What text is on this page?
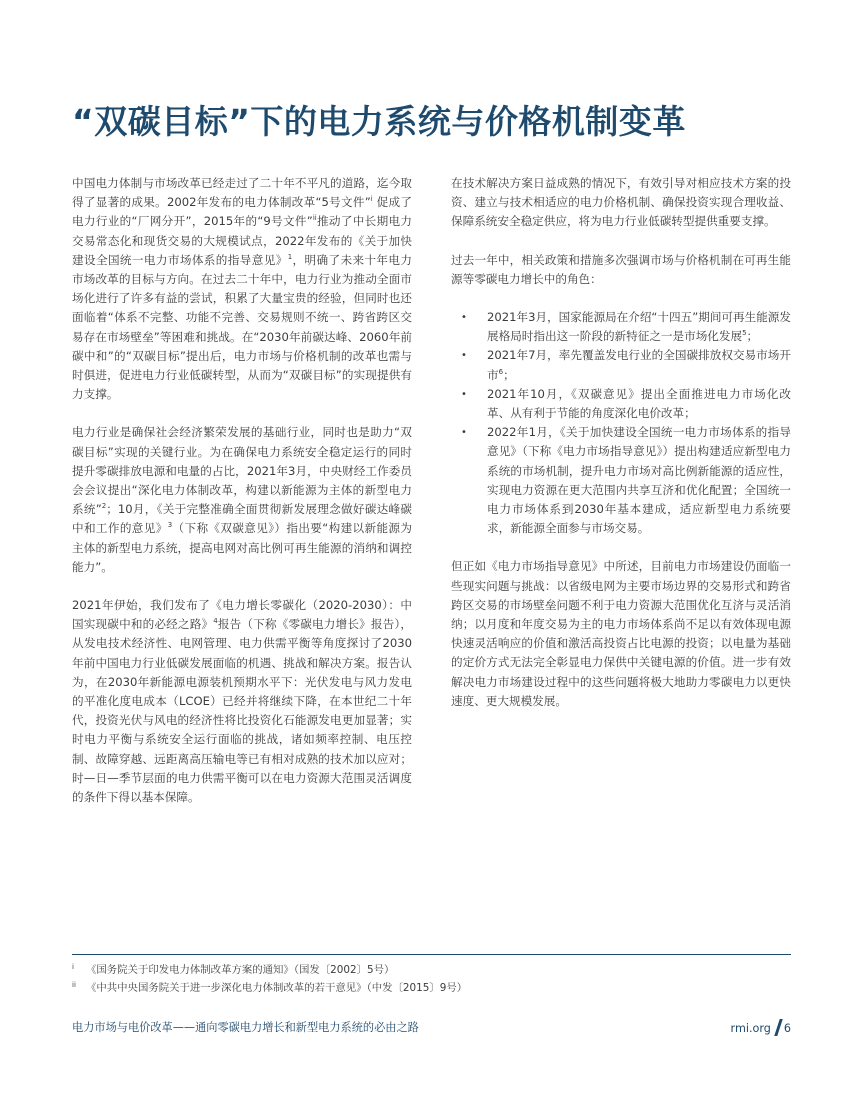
“双碳目标”下的电力系统与价格机制变革

中国电力体制与市场改革已经走过了二十年不平凡的道路，迄今取得了显著的成果。2002年发布的电力体制改革“5号文件”$^i$ 促成了电力行业的“厂网分开”，2015年的“9号文件”$^{ii}$推动了中长期电力交易常态化和现货交易的大规模试点，2022年发布的《关于加快建设全国统一电力市场体系的指导意见》$^1$，明确了未来十年电力市场改革的目标与方向。在过去二十年中，电力行业为推动全面市场化进行了许多有益的尝试，积累了大量宝贵的经验，但同时也还面临着“体系不完整、功能不完善、交易规则不统一、跨省跨区交易存在市场壁垒”等困难和挑战。在“2030年前碳达峰、2060年前碳中和”的“双碳目标”提出后，电力市场与价格机制的改革也需与时俱进，促进电力行业低碳转型，从而为“双碳目标”的实现提供有力支撑。

电力行业是确保社会经济繁荣发展的基础行业，同时也是助力“双碳目标”实现的关键行业。为在确保电力系统安全稳定运行的同时提升零碳排放电源和电量的占比，2021年3月，中央财经工作委员会会议提出“深化电力体制改革，构建以新能源为主体的新型电力系统”$^2$；10月，《关于完整准确全面贯彻新发展理念做好碳达峰碳中和工作的意见》$^3$（下称《双碳意见》）指出要“构建以新能源为主体的新型电力系统，提高电网对高比例可再生能源的消纳和调控能力”。

2021年伊始，我们发布了《电力增长零碳化（2020-2030）：中国实现碳中和的必经之路》$^4$报告（下称《零碳电力增长》报告），从发电技术经济性、电网管理、电力供需平衡等角度探讨了2030年前中国电力行业低碳发展面临的机遇、挑战和解决方案。报告认为，在2030年新能源电源装机预期水平下：光伏发电与风力发电的平准化度电成本（LCOE）已经并将继续下降，在本世纪二十年代，投资光伏与风电的经济性将比投资化石能源发电更加显著；实时电力平衡与系统安全运行面临的挑战，诸如频率控制、电压控制、故障穿越、远距离高压输电等已有相对成熟的技术加以应对；时—日—季节层面的电力供需平衡可以在电力资源大范围灵活调度的条件下得以基本保障。

在技术解决方案日益成熟的情况下，有效引导对相应技术方案的投资、建立与技术相适应的电力价格机制、确保投资实现合理收益、保障系统安全稳定供应，将为电力行业低碳转型提供重要支撑。

过去一年中，相关政策和措施多次强调市场与价格机制在可再生能源等零碳电力增长中的角色：

• 2021年3月，国家能源局在介绍“十四五”期间可再生能源发展格局时指出这一阶段的新特征之一是市场化发展$^5$；
• 2021年7月，率先覆盖发电行业的全国碳排放权交易市场开市$^6$；
• 2021年10月，《双碳意见》提出全面推进电力市场化改革、从有利于节能的角度深化电价改革；
• 2022年1月，《关于加快建设全国统一电力市场体系的指导意见》（下称《电力市场指导意见》）提出构建适应新型电力系统的市场机制，提升电力市场对高比例新能源的适应性，实现电力资源在更大范围内共享互济和优化配置；全国统一电力市场体系到2030年基本建成，适应新型电力系统要求，新能源全面参与市场交易。

但正如《电力市场指导意见》中所述，目前电力市场建设仍面临一些现实问题与挑战：以省级电网为主要市场边界的交易形式和跨省跨区交易的市场壁垒问题不利于电力资源大范围优化互济与灵活消纳；以月度和年度交易为主的电力市场体系尚不足以有效体现电源快速灵活响应的价值和激活高投资占比电源的投资；以电量为基础的定价方式无法完全彰显电力保供中关键电源的价值。进一步有效解决电力市场建设过程中的这些问题将极大地助力零碳电力以更快速度、更大规模发展。

i 《国务院关于印发电力体制改革方案的通知》（国发〔2002〕5号）
ii 《中共中央国务院关于进一步深化电力体制改革的若干意见》（中发〔2015〕9号）
电力市场与电价改革——通向零碳电力增长和新型电力系统的必由之路	rmi.org 6
